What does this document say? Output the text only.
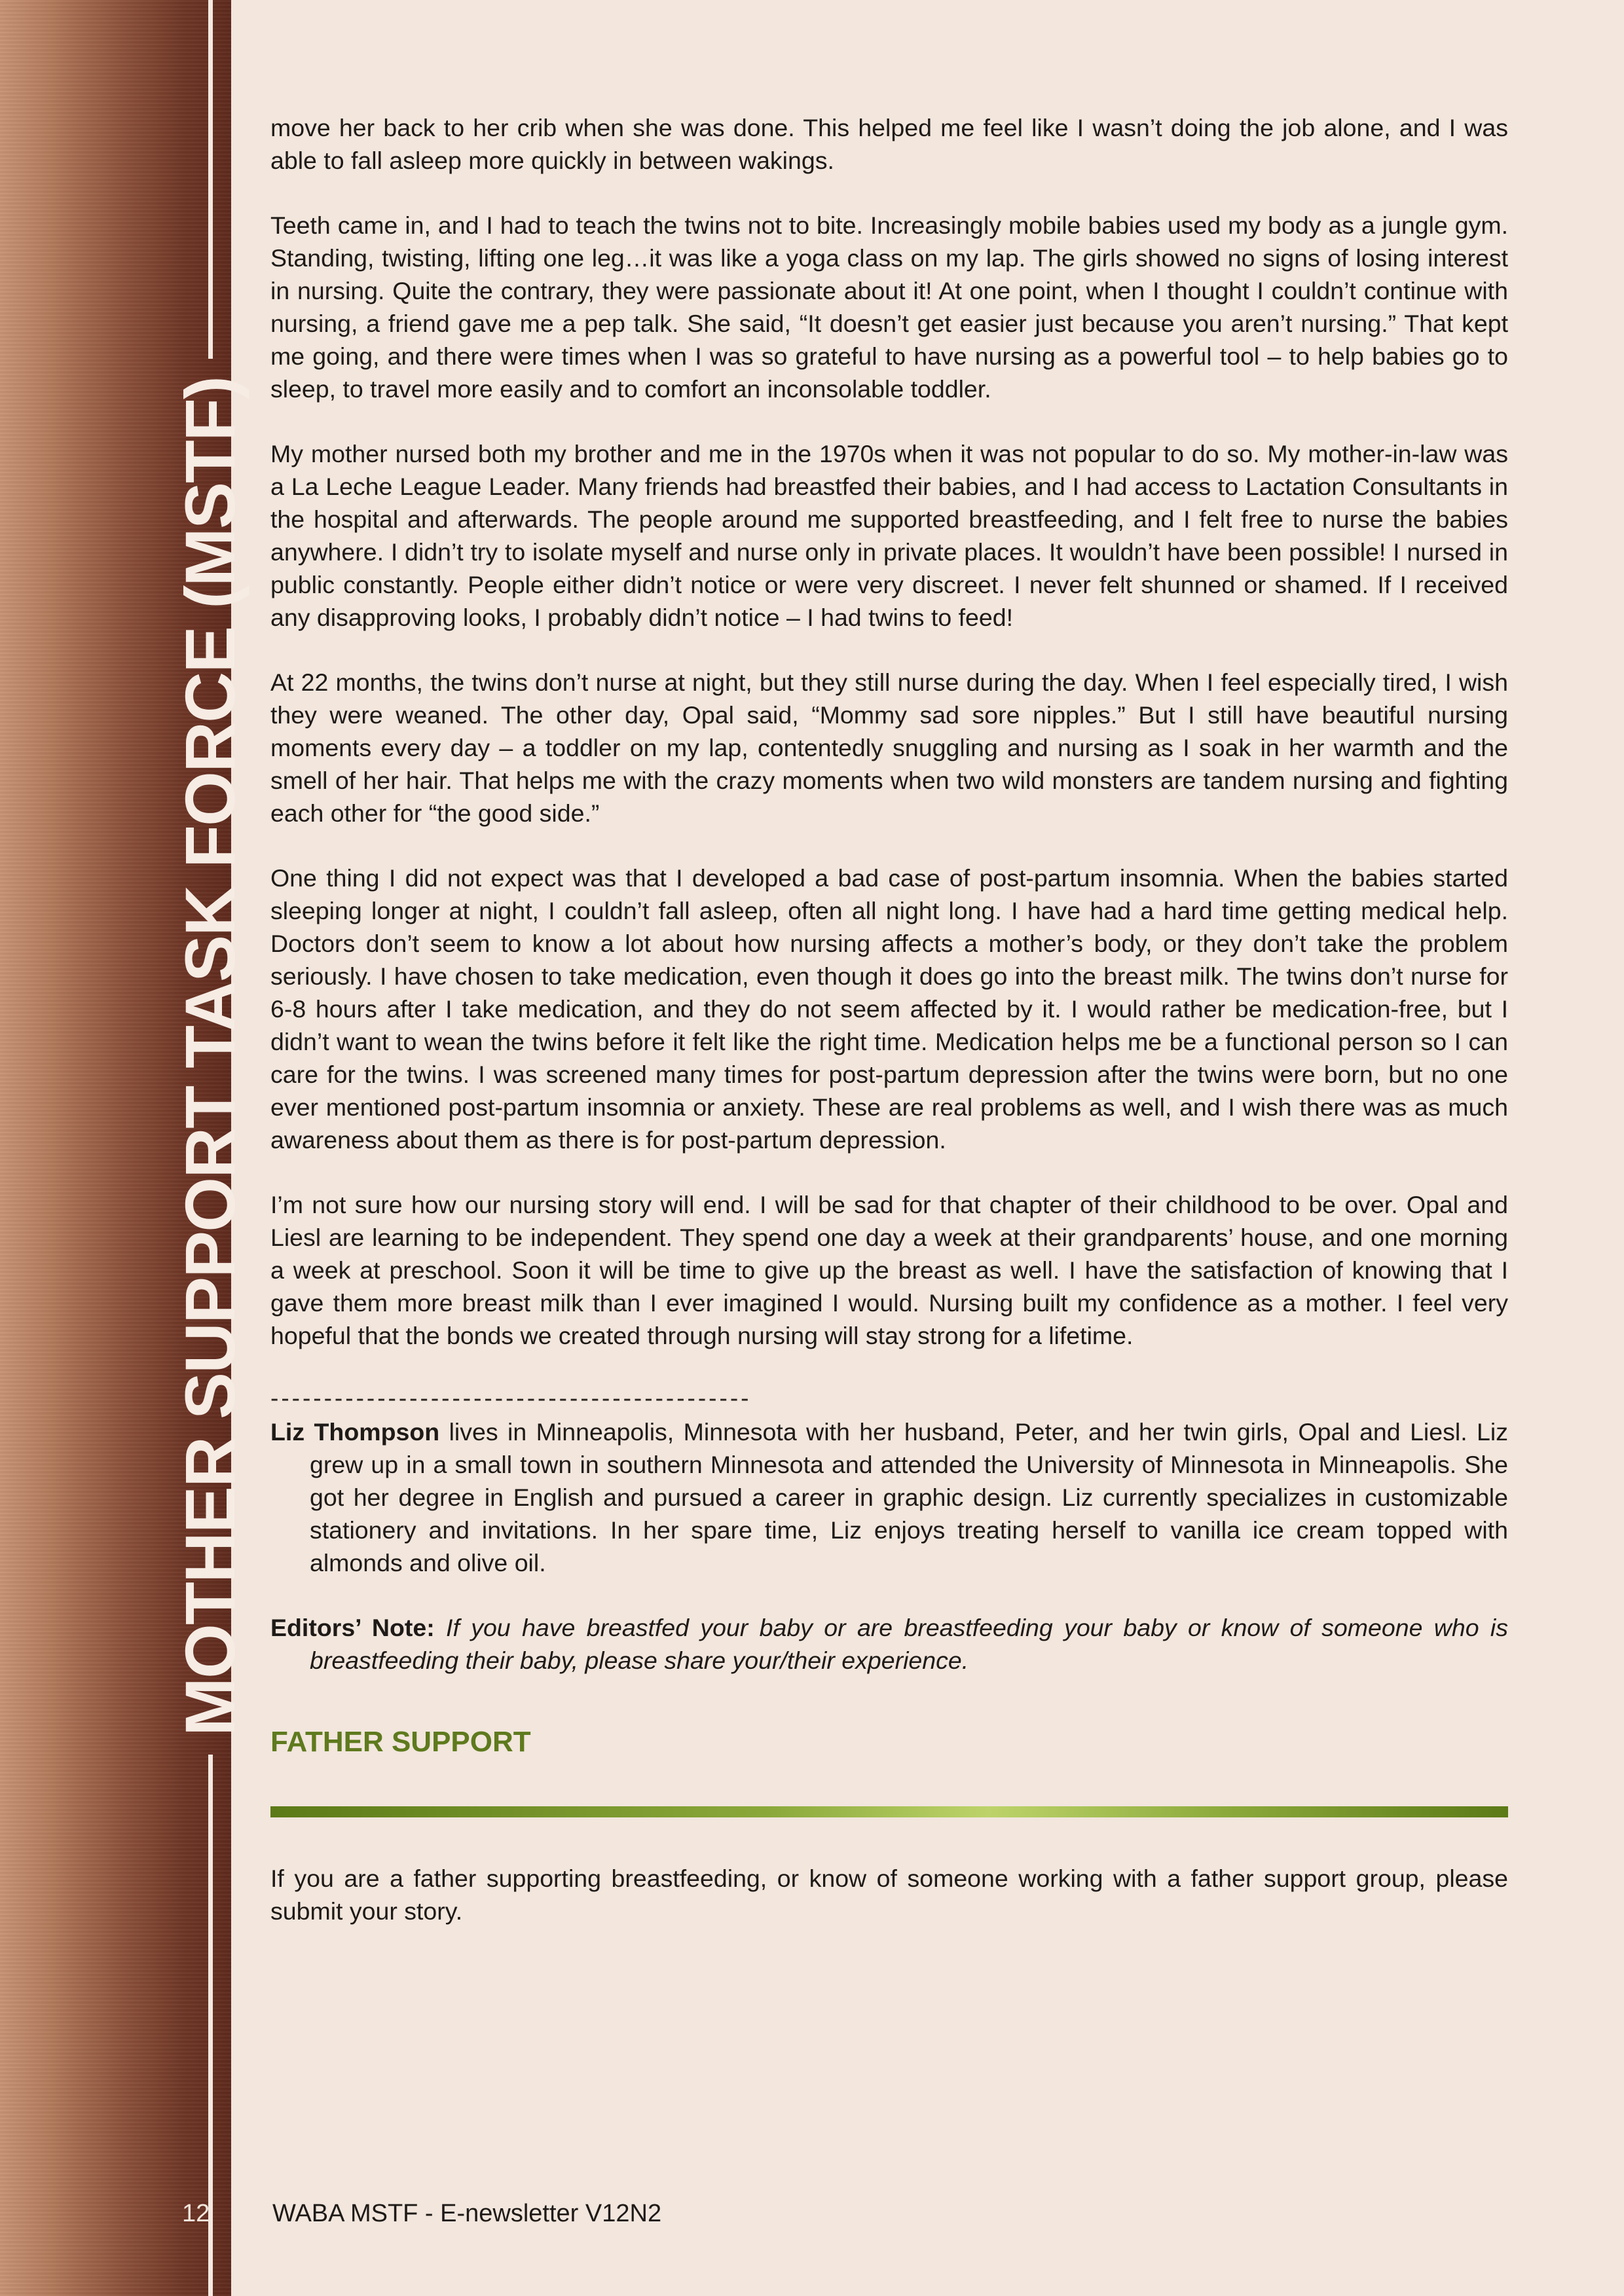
MOTHER SUPPORT TASK FORCE (MSTF)
12

move her back to her crib when she was done. This helped me feel like I wasn’t doing the job alone, and I was able to fall asleep more quickly in between wakings.

Teeth came in, and I had to teach the twins not to bite. Increasingly mobile babies used my body as a jungle gym. Standing, twisting, lifting one leg…it was like a yoga class on my lap. The girls showed no signs of losing interest in nursing. Quite the contrary, they were passionate about it! At one point, when I thought I couldn’t continue with nursing, a friend gave me a pep talk. She said, “It doesn’t get easier just because you aren’t nursing.” That kept me going, and there were times when I was so grateful to have nursing as a powerful tool – to help babies go to sleep, to travel more easily and to comfort an inconsolable toddler.

My mother nursed both my brother and me in the 1970s when it was not popular to do so. My mother-in-law was a La Leche League Leader. Many friends had breastfed their babies, and I had access to Lactation Consultants in the hospital and afterwards. The people around me supported breastfeeding, and I felt free to nurse the babies anywhere. I didn’t try to isolate myself and nurse only in private places. It wouldn’t have been possible! I nursed in public constantly. People either didn’t notice or were very discreet. I never felt shunned or shamed. If I received any disapproving looks, I probably didn’t notice – I had twins to feed!

At 22 months, the twins don’t nurse at night, but they still nurse during the day. When I feel especially tired, I wish they were weaned. The other day, Opal said, “Mommy sad sore nipples.” But I still have beautiful nursing moments every day – a toddler on my lap, contentedly snuggling and nursing as I soak in her warmth and the smell of her hair. That helps me with the crazy moments when two wild monsters are tandem nursing and fighting each other for “the good side.”

One thing I did not expect was that I developed a bad case of post-partum insomnia. When the babies started sleeping longer at night, I couldn’t fall asleep, often all night long. I have had a hard time getting medical help. Doctors don’t seem to know a lot about how nursing affects a mother’s body, or they don’t take the problem seriously. I have chosen to take medication, even though it does go into the breast milk. The twins don’t nurse for 6-8 hours after I take medication, and they do not seem affected by it. I would rather be medication-free, but I didn’t want to wean the twins before it felt like the right time. Medication helps me be a functional person so I can care for the twins. I was screened many times for post-partum depression after the twins were born, but no one ever mentioned post-partum insomnia or anxiety. These are real problems as well, and I wish there was as much awareness about them as there is for post-partum depression.

I’m not sure how our nursing story will end. I will be sad for that chapter of their childhood to be over. Opal and Liesl are learning to be independent. They spend one day a week at their grandparents’ house, and one morning a week at preschool. Soon it will be time to give up the breast as well. I have the satisfaction of knowing that I gave them more breast milk than I ever imagined I would. Nursing built my confidence as a mother. I feel very hopeful that the bonds we created through nursing will stay strong for a lifetime.

---------------------------------------------

Liz Thompson lives in Minneapolis, Minnesota with her husband, Peter, and her twin girls, Opal and Liesl. Liz grew up in a small town in southern Minnesota and attended the University of Minnesota in Minneapolis. She got her degree in English and pursued a career in graphic design. Liz currently specializes in customizable stationery and invitations. In her spare time, Liz enjoys treating herself to vanilla ice cream topped with almonds and olive oil.

Editors’ Note: If you have breastfed your baby or are breastfeeding your baby or know of someone who is breastfeeding their baby, please share your/their experience.

FATHER SUPPORT

If you are a father supporting breastfeeding, or know of someone working with a father support group, please submit your story.

WABA MSTF - E-newsletter V12N2
